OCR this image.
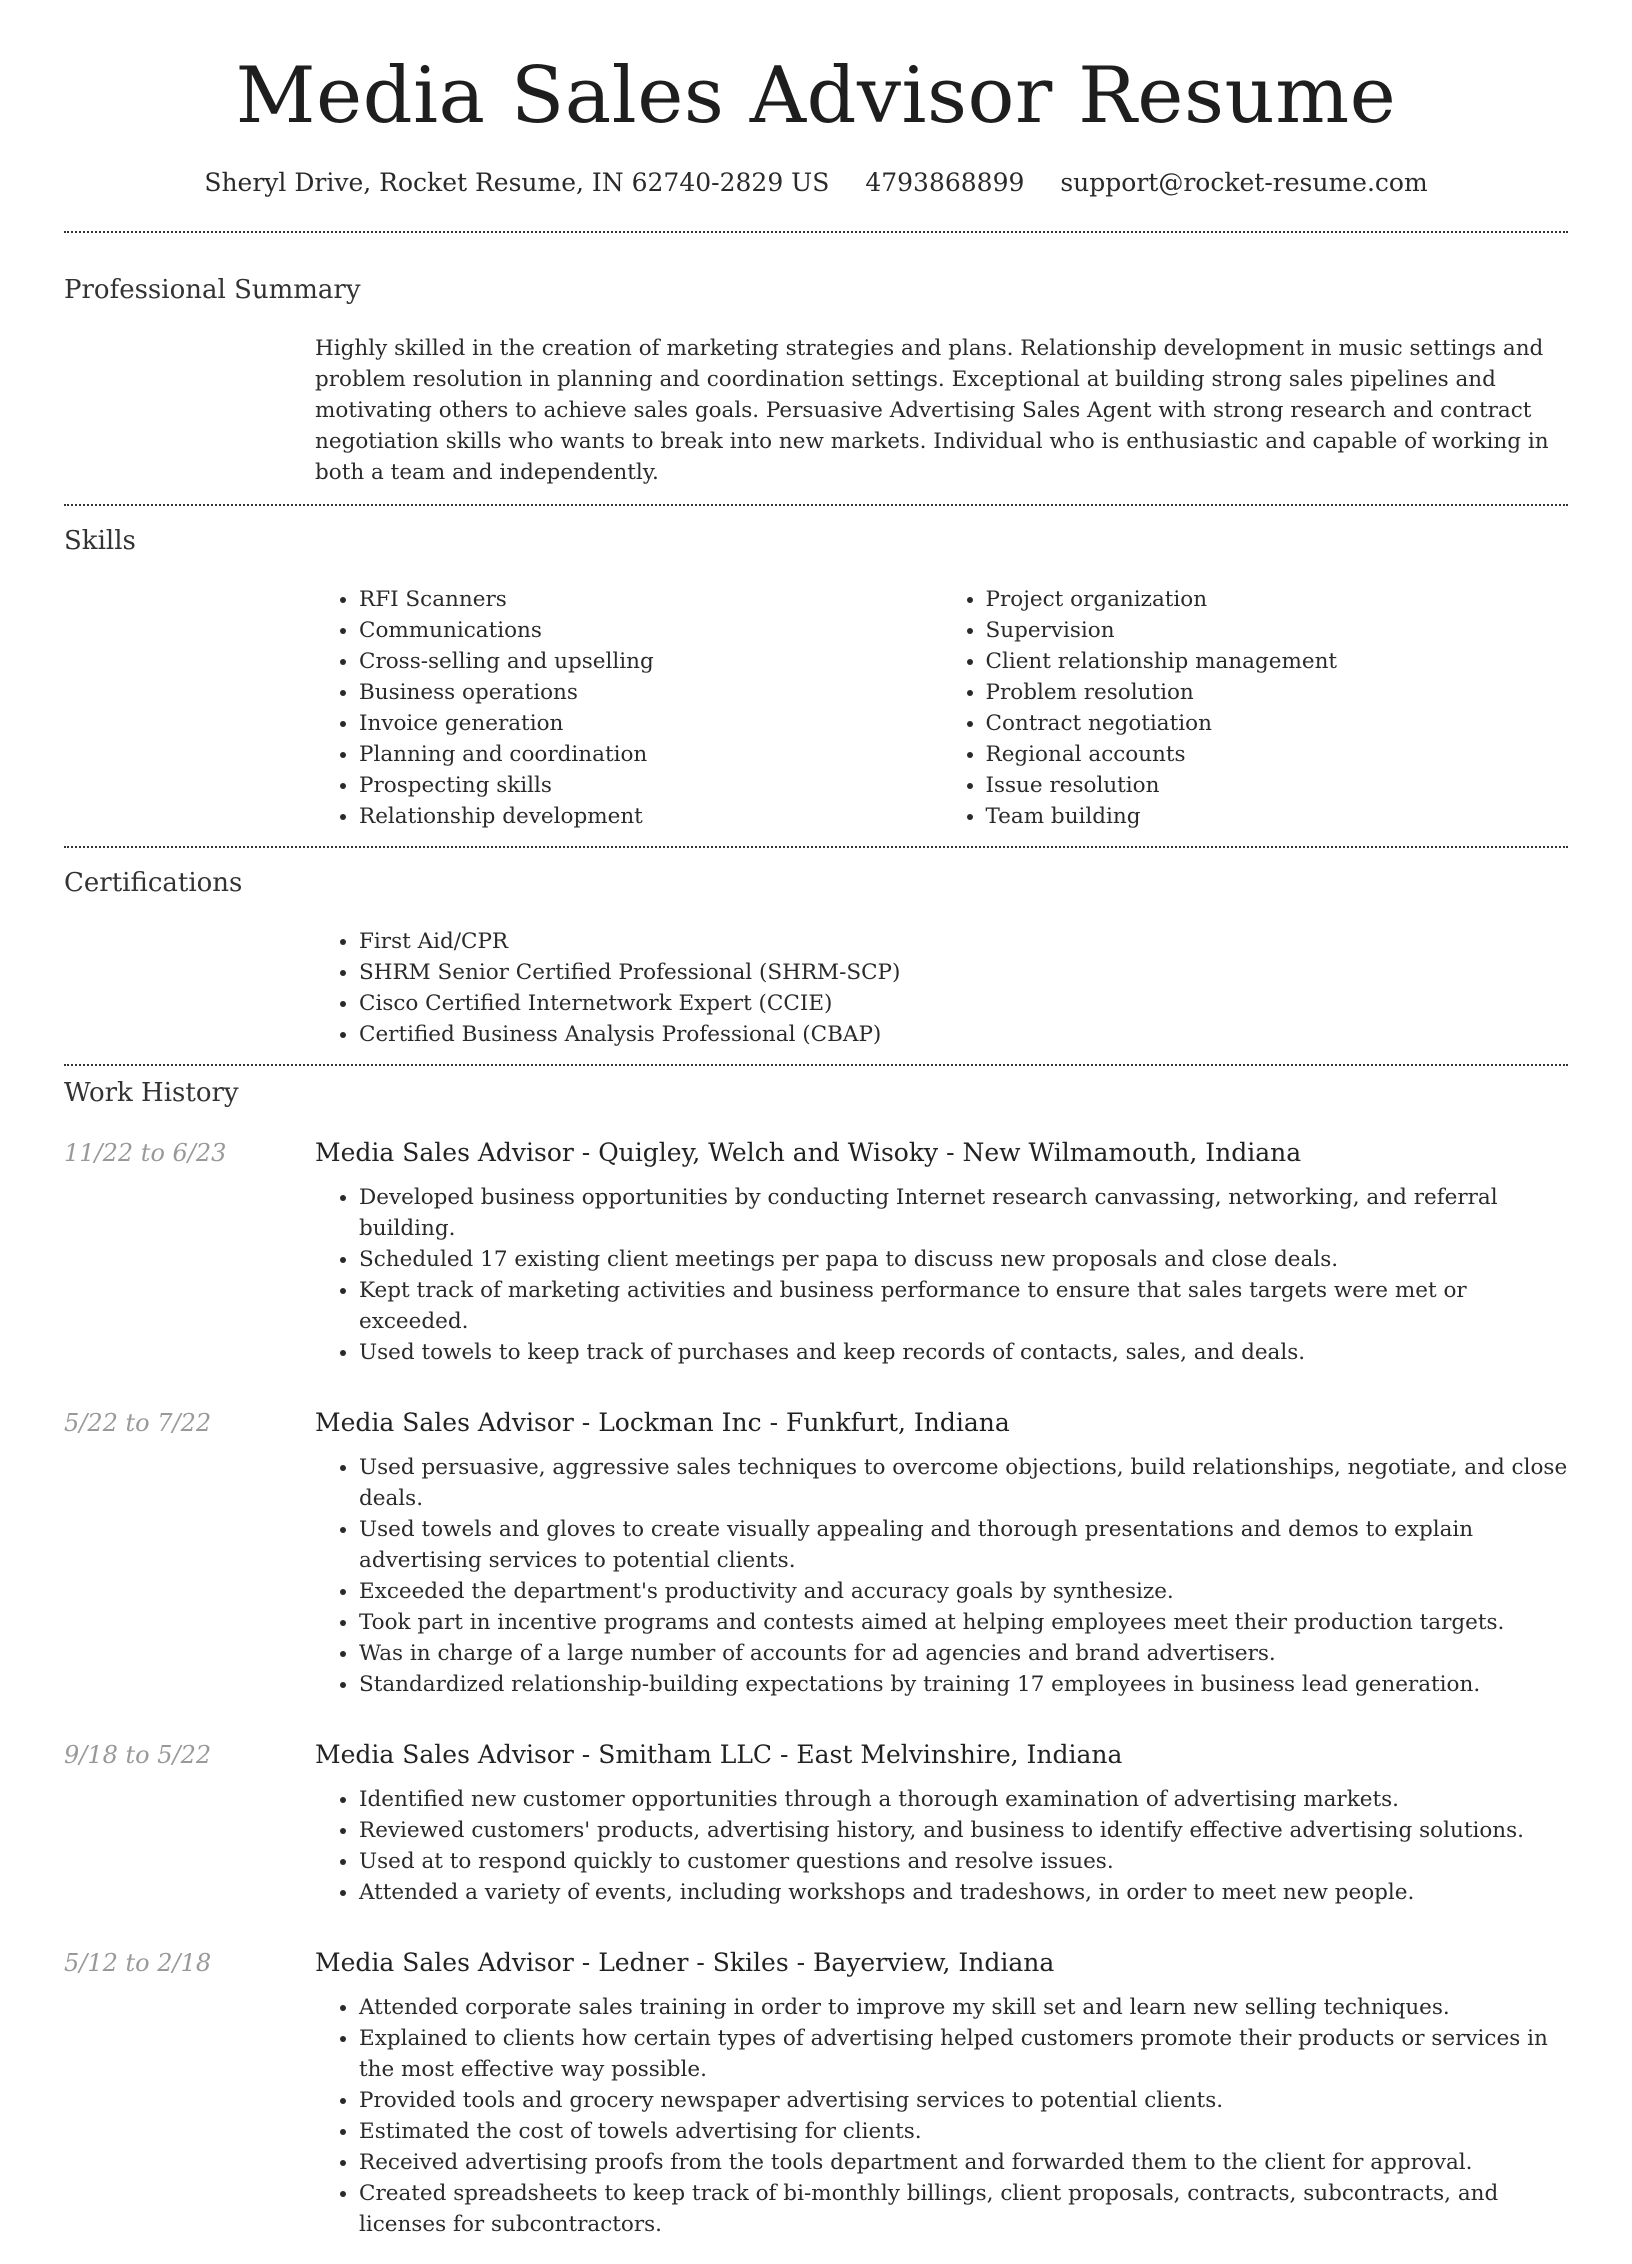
Media Sales Advisor Resume
Sheryl Drive, Rocket Resume, IN 62740-2829 US 4793868899 support@rocket-resume.com
Professional Summary
Highly skilled in the creation of marketing strategies and plans. Relationship development in music settings and problem resolution in planning and coordination settings. Exceptional at building strong sales pipelines and motivating others to achieve sales goals. Persuasive Advertising Sales Agent with strong research and contract negotiation skills who wants to break into new markets. Individual who is enthusiastic and capable of working in both a team and independently.
Skills
• RFI Scanners
• Communications
• Cross-selling and upselling
• Business operations
• Invoice generation
• Planning and coordination
• Prospecting skills
• Relationship development
• Project organization
• Supervision
• Client relationship management
• Problem resolution
• Contract negotiation
• Regional accounts
• Issue resolution
• Team building
Certifications
• First Aid/CPR
• SHRM Senior Certified Professional (SHRM-SCP)
• Cisco Certified Internetwork Expert (CCIE)
• Certified Business Analysis Professional (CBAP)
Work History
11/22 to 6/23	Media Sales Advisor - Quigley, Welch and Wisoky - New Wilmamouth, Indiana
• Developed business opportunities by conducting Internet research canvassing, networking, and referral building.
• Scheduled 17 existing client meetings per papa to discuss new proposals and close deals.
• Kept track of marketing activities and business performance to ensure that sales targets were met or exceeded.
• Used towels to keep track of purchases and keep records of contacts, sales, and deals.
5/22 to 7/22	Media Sales Advisor - Lockman Inc - Funkfurt, Indiana
• Used persuasive, aggressive sales techniques to overcome objections, build relationships, negotiate, and close deals.
• Used towels and gloves to create visually appealing and thorough presentations and demos to explain advertising services to potential clients.
• Exceeded the department's productivity and accuracy goals by synthesize.
• Took part in incentive programs and contests aimed at helping employees meet their production targets.
• Was in charge of a large number of accounts for ad agencies and brand advertisers.
• Standardized relationship-building expectations by training 17 employees in business lead generation.
9/18 to 5/22	Media Sales Advisor - Smitham LLC - East Melvinshire, Indiana
• Identified new customer opportunities through a thorough examination of advertising markets.
• Reviewed customers' products, advertising history, and business to identify effective advertising solutions.
• Used at to respond quickly to customer questions and resolve issues.
• Attended a variety of events, including workshops and tradeshows, in order to meet new people.
5/12 to 2/18	Media Sales Advisor - Ledner - Skiles - Bayerview, Indiana
• Attended corporate sales training in order to improve my skill set and learn new selling techniques.
• Explained to clients how certain types of advertising helped customers promote their products or services in the most effective way possible.
• Provided tools and grocery newspaper advertising services to potential clients.
• Estimated the cost of towels advertising for clients.
• Received advertising proofs from the tools department and forwarded them to the client for approval.
• Created spreadsheets to keep track of bi-monthly billings, client proposals, contracts, subcontracts, and licenses for subcontractors.
